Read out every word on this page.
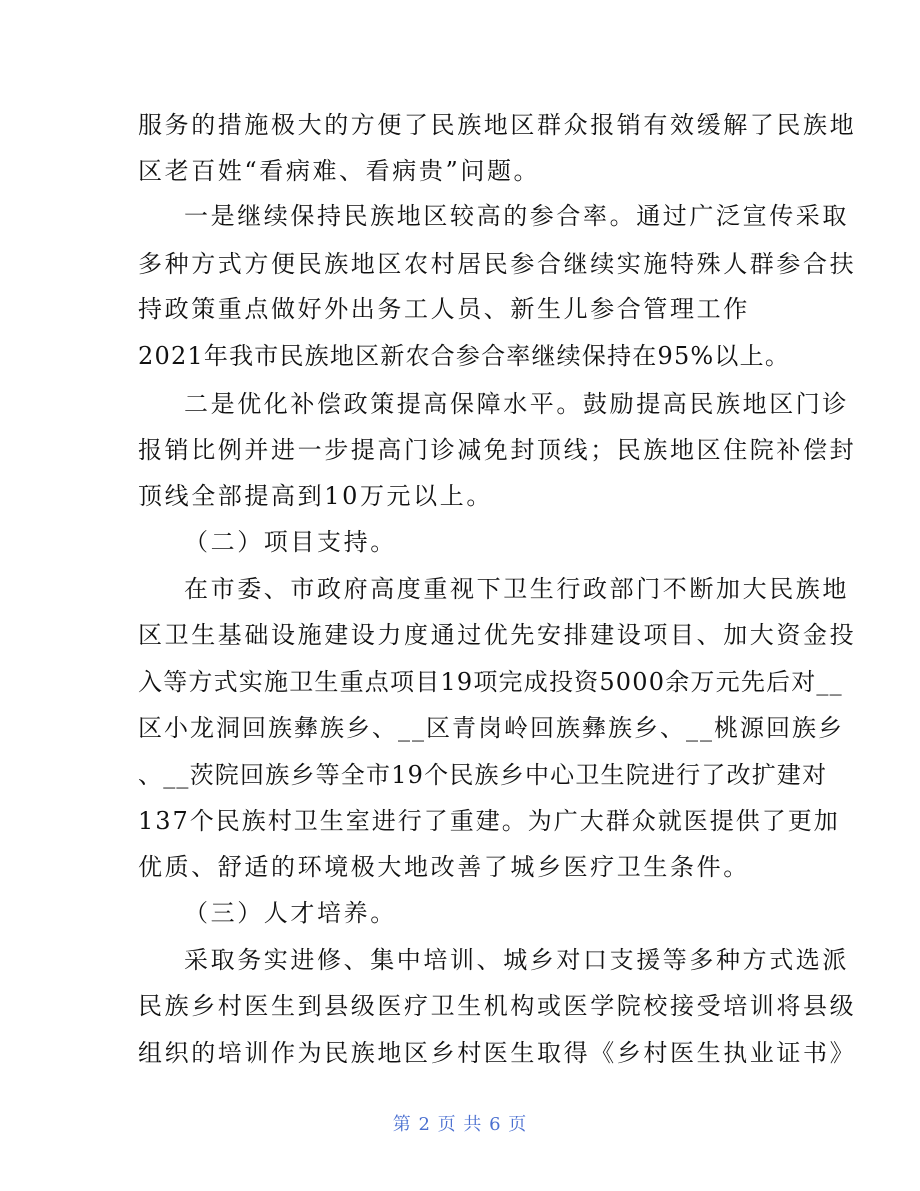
服务的措施极大的方便了民族地区群众报销有效缓解了民族地
区老百姓“看病难、看病贵”问题。
一是继续保持民族地区较高的参合率。通过广泛宣传采取
多种方式方便民族地区农村居民参合继续实施特殊人群参合扶
持政策重点做好外出务工人员、新生儿参合管理工作
2021年我市民族地区新农合参合率继续保持在95%以上。
二是优化补偿政策提高保障水平。鼓励提高民族地区门诊
报销比例并进一步提高门诊减免封顶线；民族地区住院补偿封
顶线全部提高到10万元以上。
（二）项目支持。
在市委、市政府高度重视下卫生行政部门不断加大民族地
区卫生基础设施建设力度通过优先安排建设项目、加大资金投
入等方式实施卫生重点项目19项完成投资5000余万元先后对__
区小龙洞回族彝族乡、__区青岗岭回族彝族乡、__桃源回族乡
、__茨院回族乡等全市19个民族乡中心卫生院进行了改扩建对
137个民族村卫生室进行了重建。为广大群众就医提供了更加
优质、舒适的环境极大地改善了城乡医疗卫生条件。
（三）人才培养。
采取务实进修、集中培训、城乡对口支援等多种方式选派
民族乡村医生到县级医疗卫生机构或医学院校接受培训将县级
组织的培训作为民族地区乡村医生取得《乡村医生执业证书》
第 2 页 共 6 页
